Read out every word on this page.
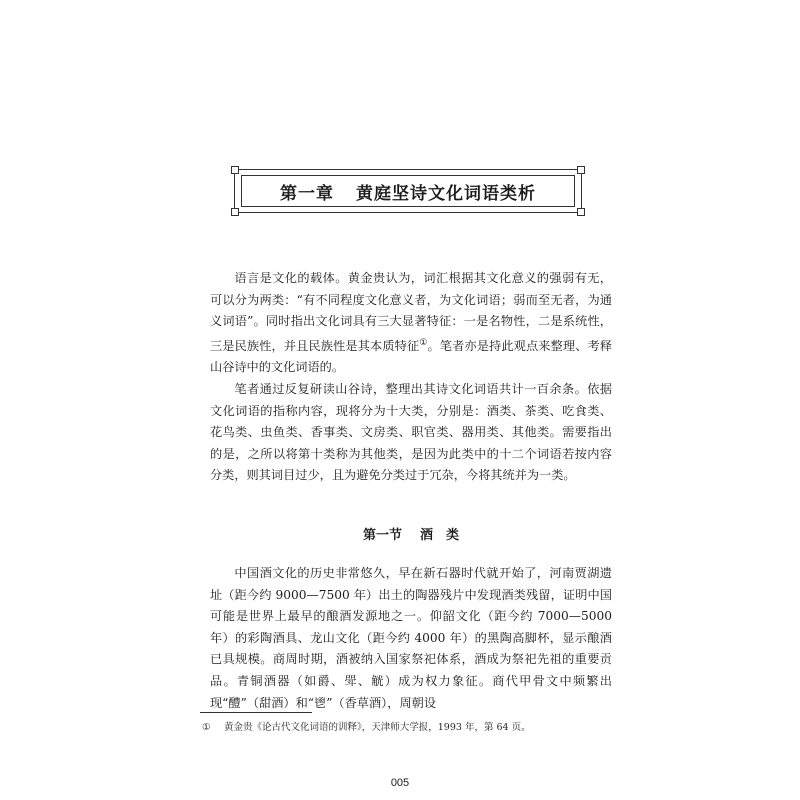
第一章 黄庭坚诗文化词语类析

语言是文化的载体。黄金贵认为，词汇根据其文化意义的强弱有无，可以分为两类：“有不同程度文化意义者，为文化词语；弱而至无者，为通义词语”。同时指出文化词具有三大显著特征：一是名物性，二是系统性，三是民族性，并且民族性是其本质特征①。笔者亦是持此观点来整理、考释山谷诗中的文化词语的。

笔者通过反复研读山谷诗，整理出其诗文化词语共计一百余条。依据文化词语的指称内容，现将分为十大类，分别是：酒类、茶类、吃食类、花鸟类、虫鱼类、香事类、文房类、职官类、器用类、其他类。需要指出的是，之所以将第十类称为其他类，是因为此类中的十二个词语若按内容分类，则其词目过少，且为避免分类过于冗杂，今将其统并为一类。

第一节 酒　类

中国酒文化的历史非常悠久，早在新石器时代就开始了，河南贾湖遗址（距今约 9000—7500 年）出土的陶器残片中发现酒类残留，证明中国可能是世界上最早的酿酒发源地之一。仰韶文化（距今约 7000—5000 年）的彩陶酒具、龙山文化（距今约 4000 年）的黑陶高脚杯，显示酿酒已具规模。商周时期，酒被纳入国家祭祀体系，酒成为祭祀先祖的重要贡品。青铜酒器（如爵、斝、觥）成为权力象征。商代甲骨文中频繁出现“醴”（甜酒）和“鬯”（香草酒），周朝设

① 黄金贵《论古代文化词语的训释》，天津师大学报，1993 年，第 64 页。
005
